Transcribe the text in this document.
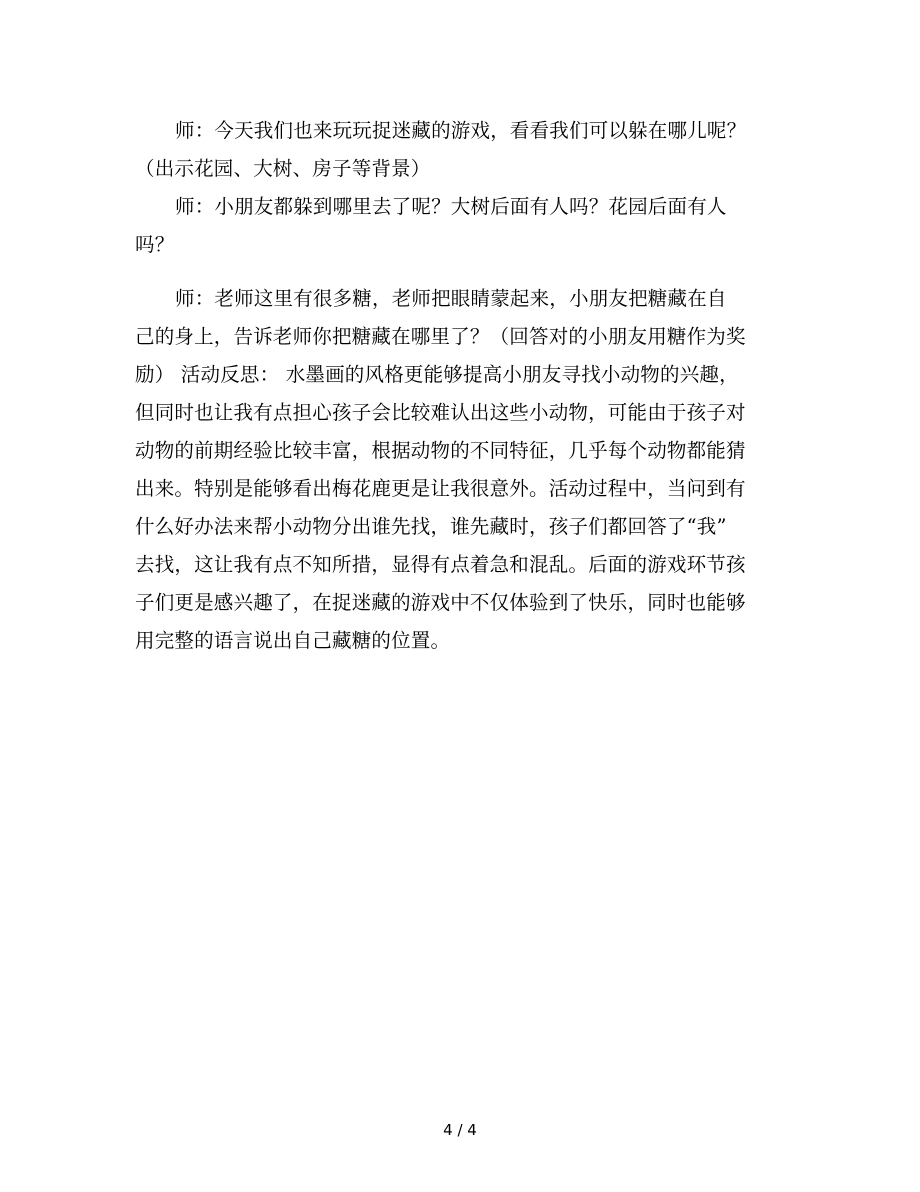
师：今天我们也来玩玩捉迷藏的游戏，看看我们可以躲在哪儿呢？
（出示花园、大树、房子等背景）
师：小朋友都躲到哪里去了呢？大树后面有人吗？花园后面有人
吗？
师：老师这里有很多糖，老师把眼睛蒙起来，小朋友把糖藏在自
己的身上，告诉老师你把糖藏在哪里了？（回答对的小朋友用糖作为奖
励） 活动反思： 水墨画的风格更能够提高小朋友寻找小动物的兴趣，
但同时也让我有点担心孩子会比较难认出这些小动物，可能由于孩子对
动物的前期经验比较丰富，根据动物的不同特征，几乎每个动物都能猜
出来。特别是能够看出梅花鹿更是让我很意外。活动过程中，当问到有
什么好办法来帮小动物分出谁先找，谁先藏时，孩子们都回答了“我”
去找，这让我有点不知所措，显得有点着急和混乱。后面的游戏环节孩
子们更是感兴趣了，在捉迷藏的游戏中不仅体验到了快乐，同时也能够
用完整的语言说出自己藏糖的位置。
4 / 4
